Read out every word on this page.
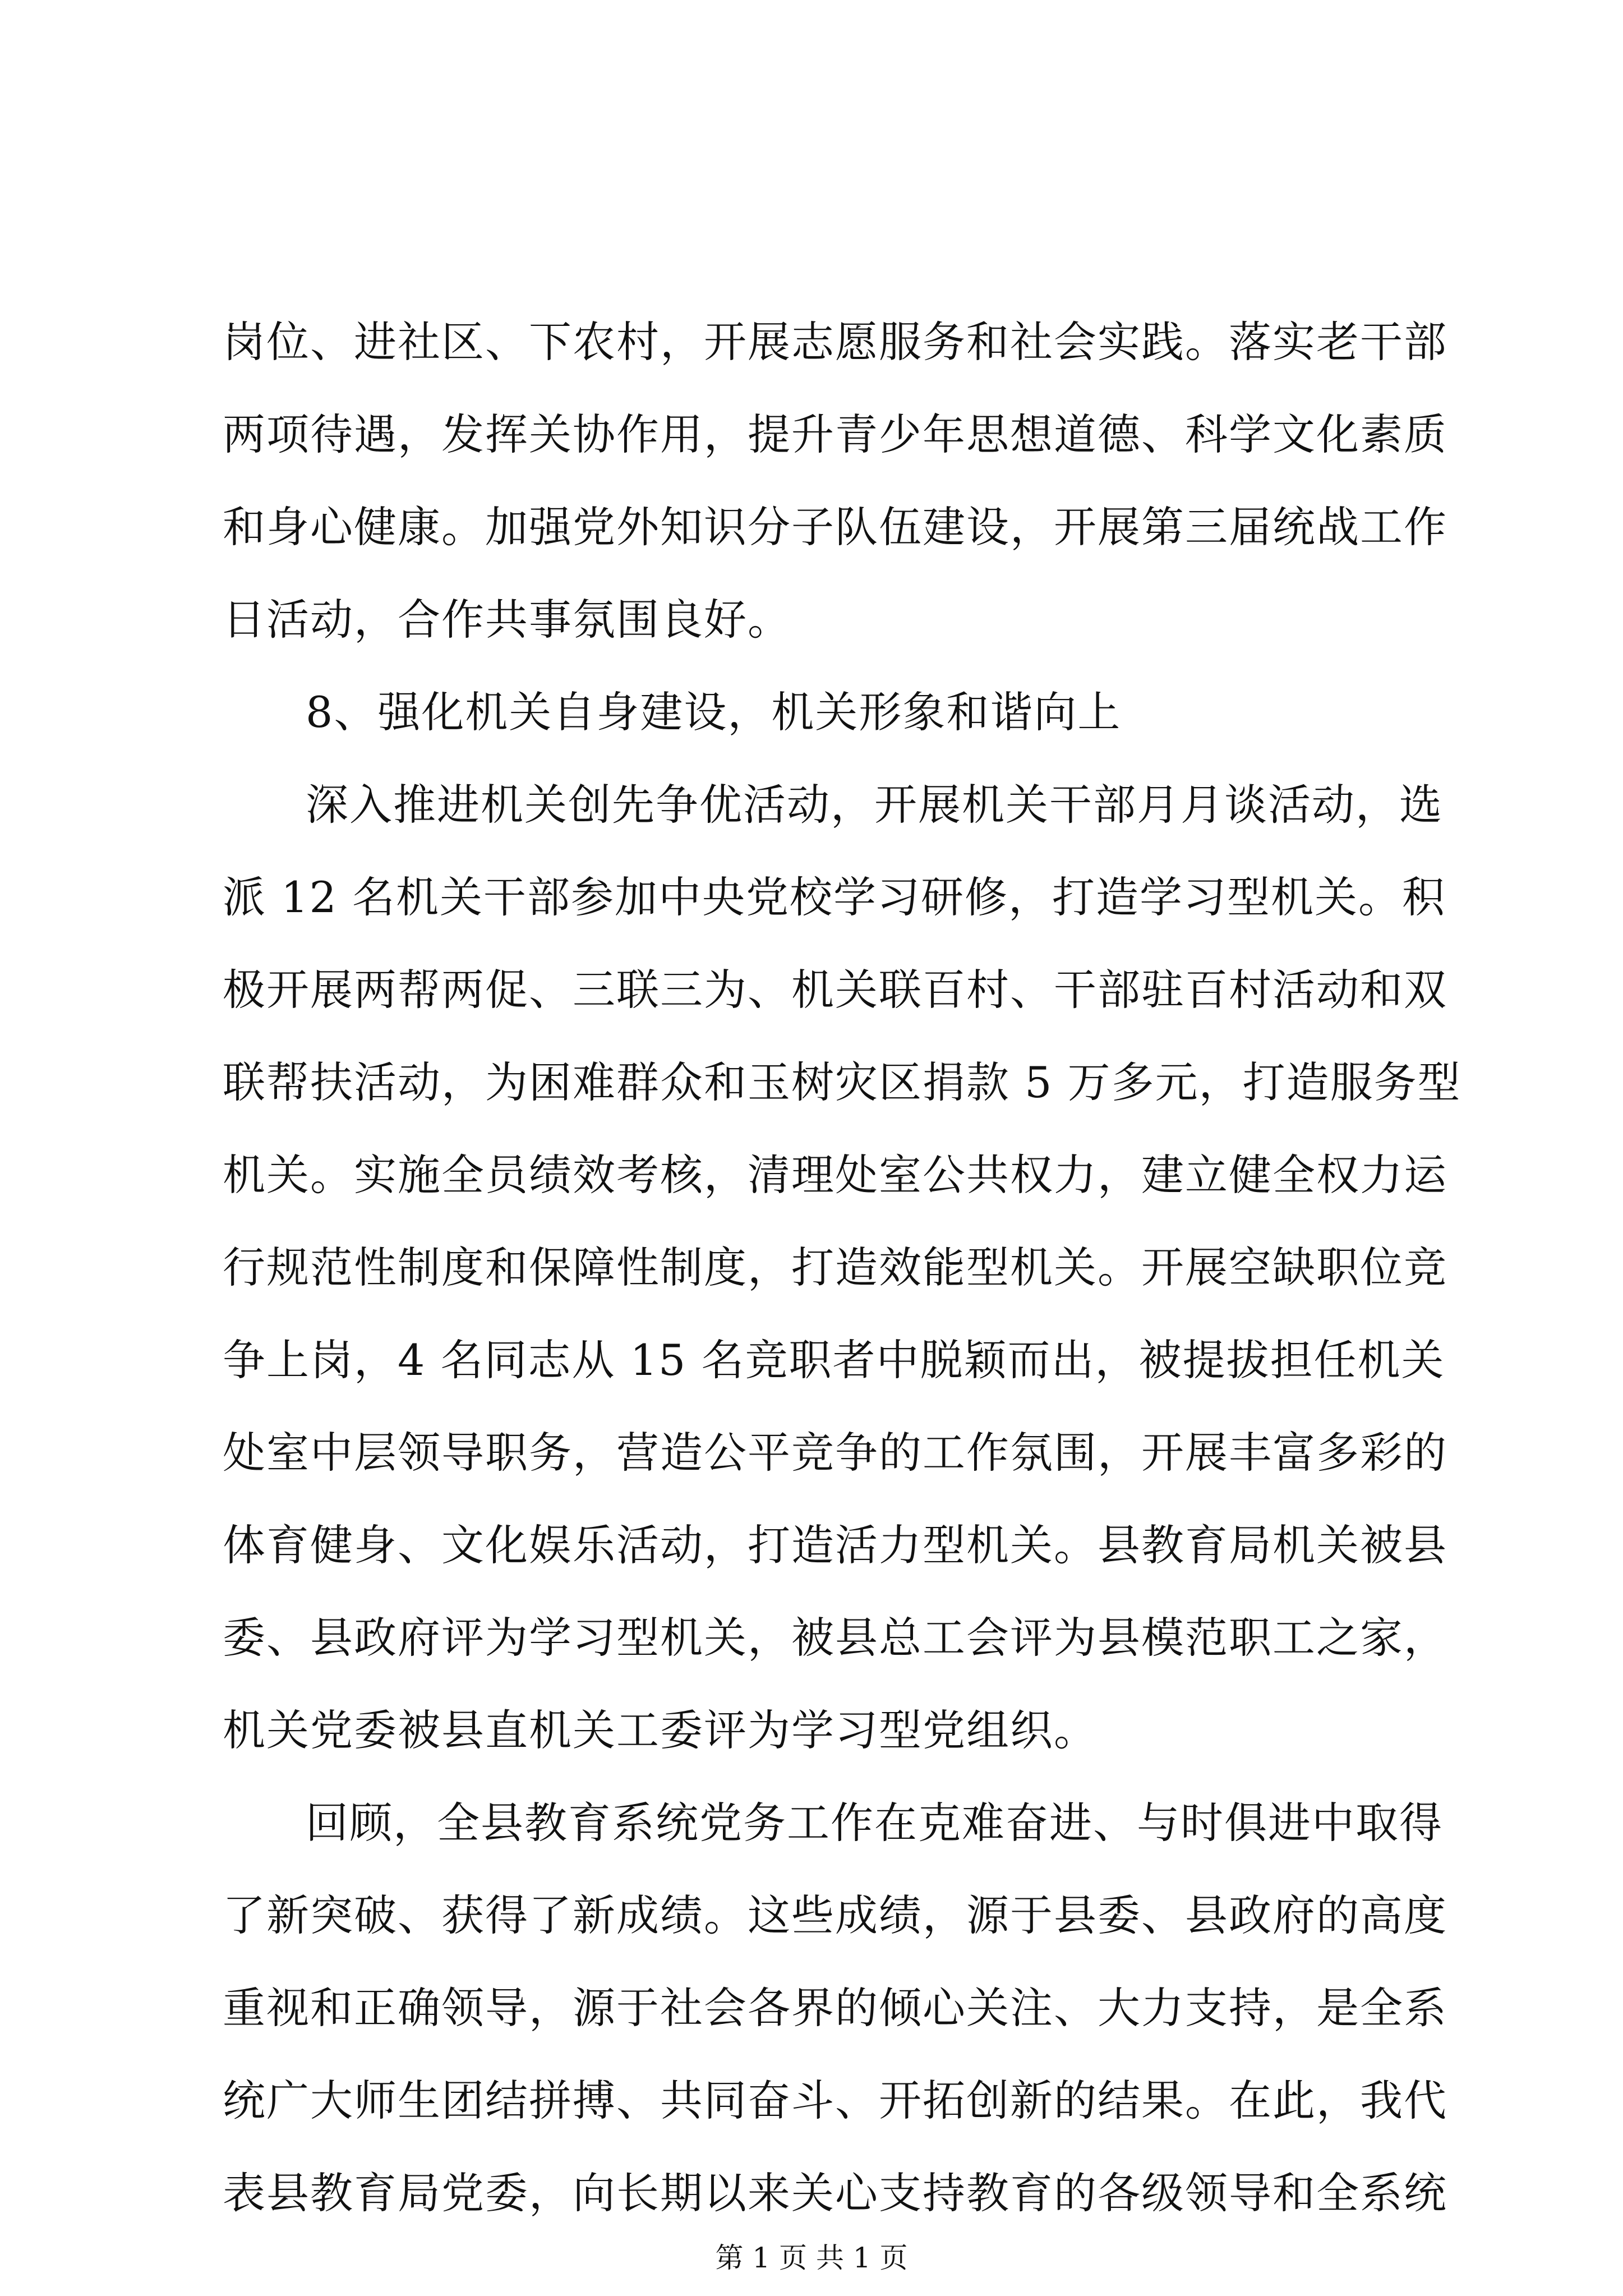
岗位、进社区、下农村，开展志愿服务和社会实践。落实老干部
两项待遇，发挥关协作用，提升青少年思想道德、科学文化素质
和身心健康。加强党外知识分子队伍建设，开展第三届统战工作
日活动，合作共事氛围良好。
8、强化机关自身建设，机关形象和谐向上
深入推进机关创先争优活动，开展机关干部月月谈活动，选
派 12 名机关干部参加中央党校学习研修，打造学习型机关。积
极开展两帮两促、三联三为、机关联百村、干部驻百村活动和双
联帮扶活动，为困难群众和玉树灾区捐款 5 万多元，打造服务型
机关。实施全员绩效考核，清理处室公共权力，建立健全权力运
行规范性制度和保障性制度，打造效能型机关。开展空缺职位竞
争上岗，4 名同志从 15 名竞职者中脱颖而出，被提拔担任机关
处室中层领导职务，营造公平竞争的工作氛围，开展丰富多彩的
体育健身、文化娱乐活动，打造活力型机关。县教育局机关被县
委、县政府评为学习型机关，被县总工会评为县模范职工之家，
机关党委被县直机关工委评为学习型党组织。
回顾，全县教育系统党务工作在克难奋进、与时俱进中取得
了新突破、获得了新成绩。这些成绩，源于县委、县政府的高度
重视和正确领导，源于社会各界的倾心关注、大力支持，是全系
统广大师生团结拼搏、共同奋斗、开拓创新的结果。在此，我代
表县教育局党委，向长期以来关心支持教育的各级领导和全系统
第 1 页 共 1 页
